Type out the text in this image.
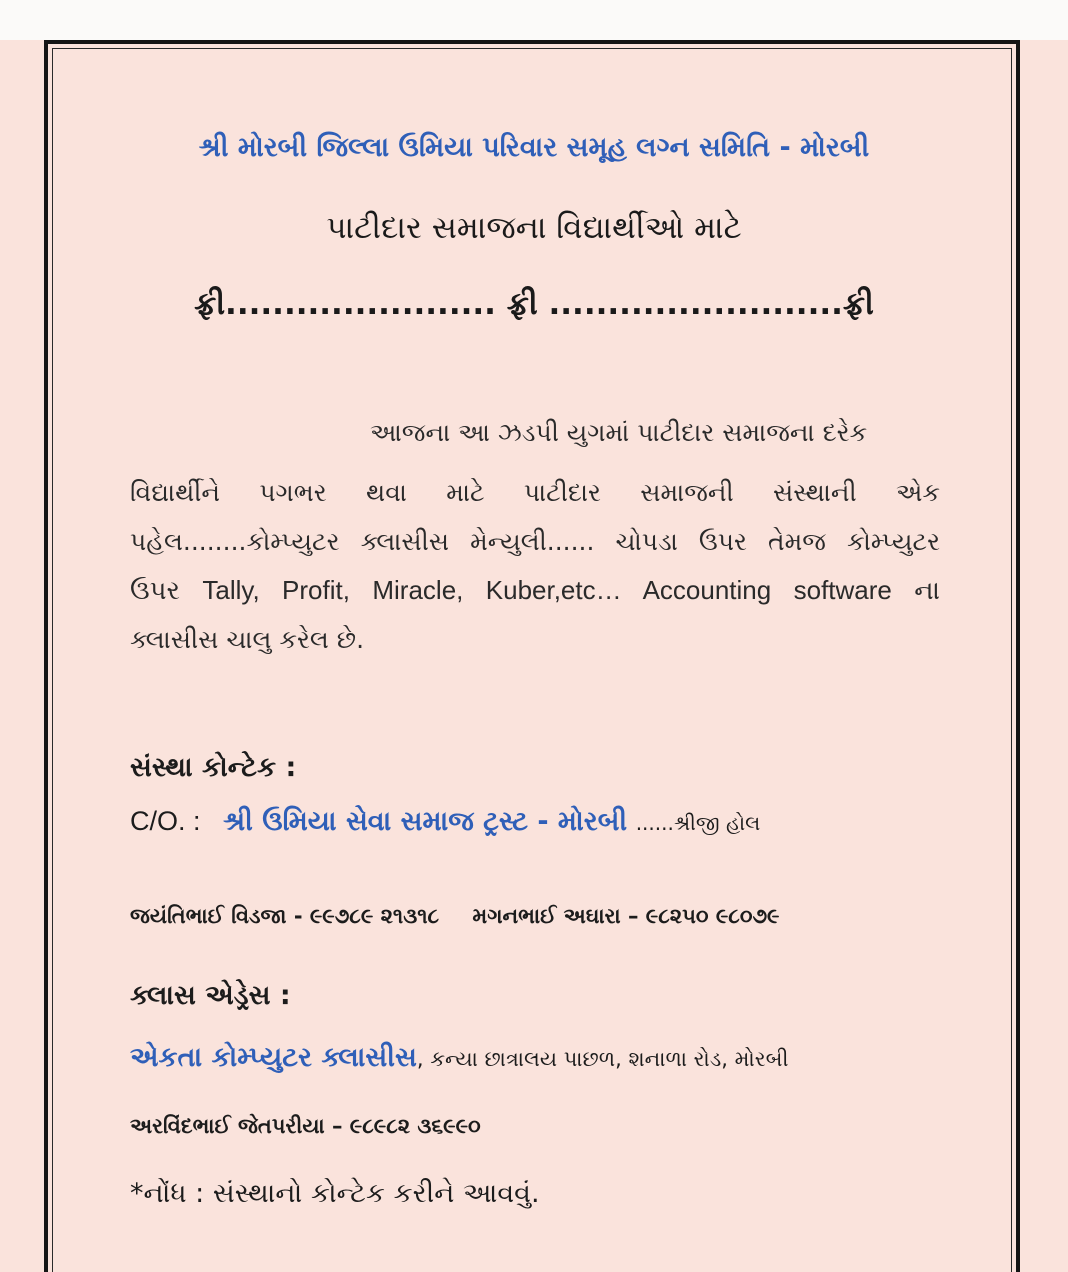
શ્રી મોરબી જિલ્લા ઉમિયા પરિવાર સમૂહ લગ્ન સમિતિ - મોરબી
પાટીદાર સમાજના વિદ્યાર્થીઓ માટે
ફ્રી....................... ફ્રી .........................ફ્રી
આજના આ ઝડપી યુગમાં પાટીદાર સમાજના દરેક
વિદ્યાર્થીને પગભર થવા માટે પાટીદાર સમાજની સંસ્થાની એક
પહેલ........કોમ્પ્યુટર ક્લાસીસ મેન્યુલી...... ચોપડા ઉપર તેમજ કોમ્પ્યુટર
ઉપર Tally, Profit, Miracle, Kuber,etc… Accounting software ના
ક્લાસીસ ચાલુ કરેલ છે.
સંસ્થા કોન્ટેક :
C/O. : શ્રી ઉમિયા સેવા સમાજ ટ્રસ્ટ - મોરબી ......શ્રીજી હોલ
જયંતિભાઈ વિડજા - ૯૯૭૮૯ ૨૧૩૧૮ મગનભાઈ અઘારા – ૯૮૨૫૦ ૯૮૦૭૯
ક્લાસ એડ્રેસ :
એકતા કોમ્પ્યુટર ક્લાસીસ, કન્યા છાત્રાલય પાછળ, શનાળા રોડ, મોરબી
અરવિંદભાઈ જેતપરીયા – ૯૮૯૮૨ ૩૬૯૯૦
*નોંધ : સંસ્થાનો કોન્ટેક કરીને આવવું.
